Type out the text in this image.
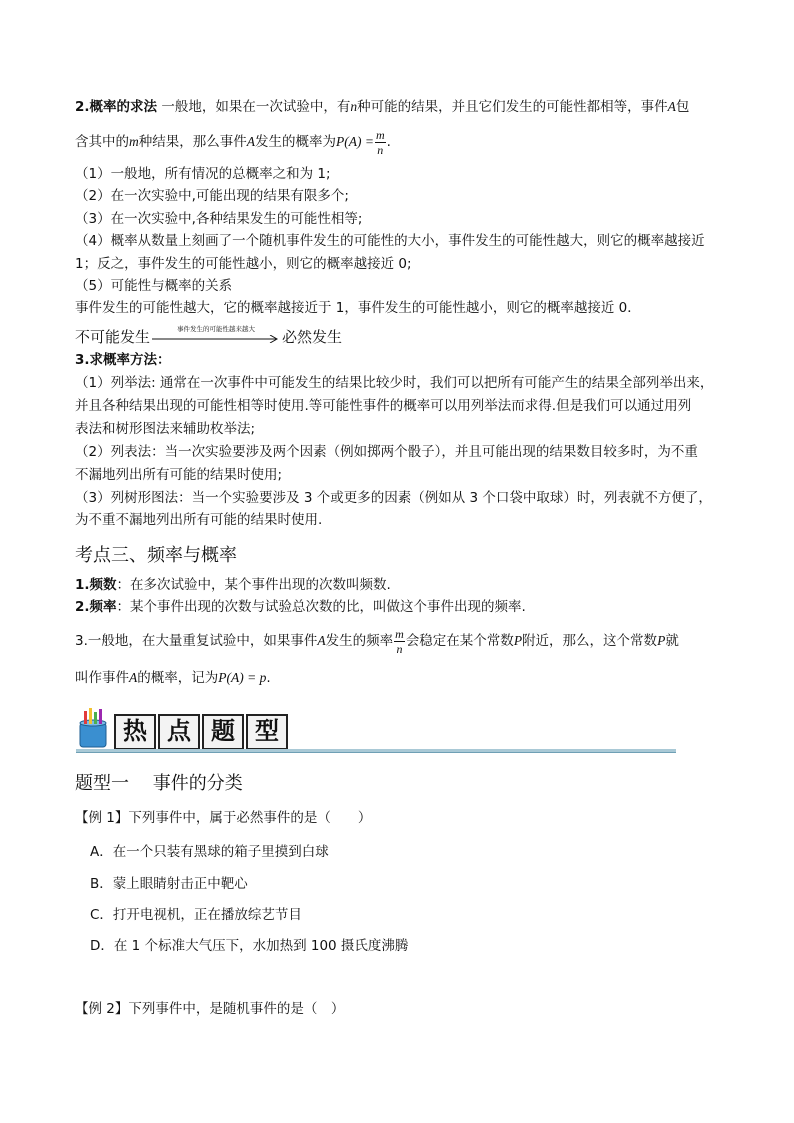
2.概率的求法 一般地，如果在一次试验中，有n种可能的结果，并且它们发生的可能性都相等，事件A包
含其中的m种结果，那么事件A发生的概率为$P(A) = \frac{m}{n}$ .
（1）一般地，所有情况的总概率之和为 1;
（2）在一次实验中,可能出现的结果有限多个;
（3）在一次实验中,各种结果发生的可能性相等;
（4）概率从数量上刻画了一个随机事件发生的可能性的大小，事件发生的可能性越大，则它的概率越接近
1；反之，事件发生的可能性越小，则它的概率越接近 0;
（5）可能性与概率的关系
事件发生的可能性越大，它的概率越接近于 1，事件发生的可能性越小，则它的概率越接近 0．
不可能发生	事件发生的可能性越来越大	必然发生
3.求概率方法：
（1）列举法: 通常在一次事件中可能发生的结果比较少时，我们可以把所有可能产生的结果全部列举出来，
并且各种结果出现的可能性相等时使用.等可能性事件的概率可以用列举法而求得.但是我们可以通过用列
表法和树形图法来辅助枚举法;
（2）列表法：当一次实验要涉及两个因素（例如掷两个骰子），并且可能出现的结果数目较多时，为不重
不漏地列出所有可能的结果时使用;
（3）列树形图法：当一个实验要涉及 3 个或更多的因素（例如从 3 个口袋中取球）时，列表就不方便了，
为不重不漏地列出所有可能的结果时使用.
考点三、频率与概率
1.频数：在多次试验中，某个事件出现的次数叫频数.
2.频率：某个事件出现的次数与试验总次数的比，叫做这个事件出现的频率.
3.一般地，在大量重复试验中，如果事件A发生的频率 $\frac{m}{n}$ 会稳定在某个常数P附近，那么，这个常数P就
叫作事件A的概率，记为P(A) = p.
热 点 题 型
题型一　 事件的分类
【例 1】下列事件中，属于必然事件的是（　　）
A．在一个只装有黑球的箱子里摸到白球
B．蒙上眼睛射击正中靶心
C．打开电视机，正在播放综艺节目
D．在 1 个标准大气压下，水加热到 100 摄氏度沸腾
【例 2】下列事件中，是随机事件的是（　）
